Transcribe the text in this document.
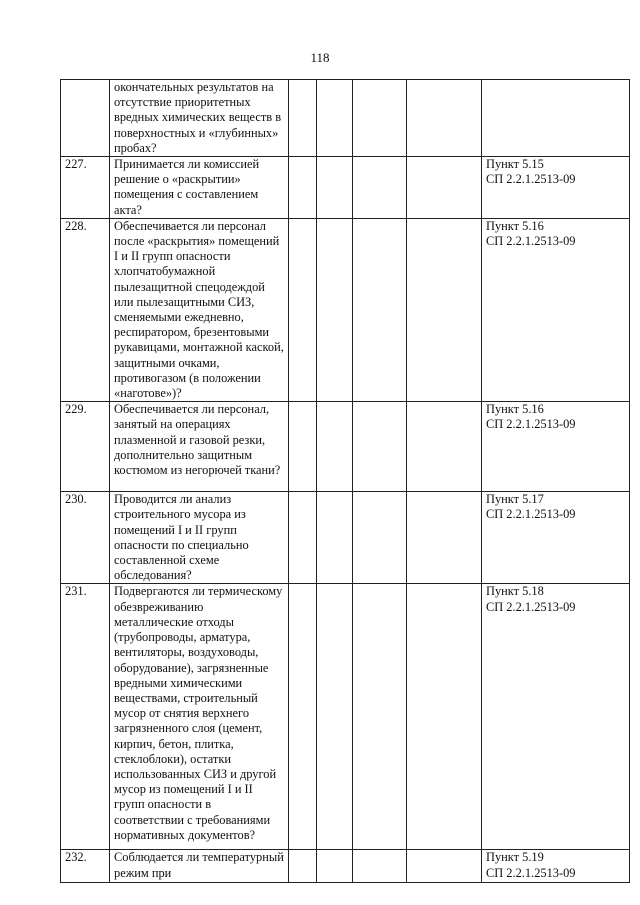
118

	окончательных результатов на отсутствие приоритетных вредных химических веществ в поверхностных и «глубинных» пробах?					

227.	Принимается ли комиссией решение о «раскрытии» помещения с составлением акта?					Пункт 5.15
СП 2.2.1.2513-09

228.	Обеспечивается ли персонал после «раскрытия» помещений I и II групп опасности хлопчатобумажной пылезащитной спецодеждой или пылезащитными СИЗ, сменяемыми ежедневно, респиратором, брезентовыми рукавицами, монтажной каской, защитными очками, противогазом (в положении «наготове»)?					Пункт 5.16
СП 2.2.1.2513-09

229.	Обеспечивается ли персонал, занятый на операциях плазменной и газовой резки, дополнительно защитным костюмом из негорючей ткани?					Пункт 5.16
СП 2.2.1.2513-09

230.	Проводится ли анализ строительного мусора из помещений I и II групп опасности по специально составленной схеме обследования?					Пункт 5.17
СП 2.2.1.2513-09

231.	Подвергаются ли термическому обезвреживанию металлические отходы (трубопроводы, арматура, вентиляторы, воздуховоды, оборудование), загрязненные вредными химическими веществами, строительный мусор от снятия верхнего загрязненного слоя (цемент, кирпич, бетон, плитка, стеклоблоки), остатки использованных СИЗ и другой мусор из помещений I и II групп опасности в соответствии с требованиями нормативных документов?					Пункт 5.18
СП 2.2.1.2513-09

232.	Соблюдается ли температурный режим при					Пункт 5.19
СП 2.2.1.2513-09
